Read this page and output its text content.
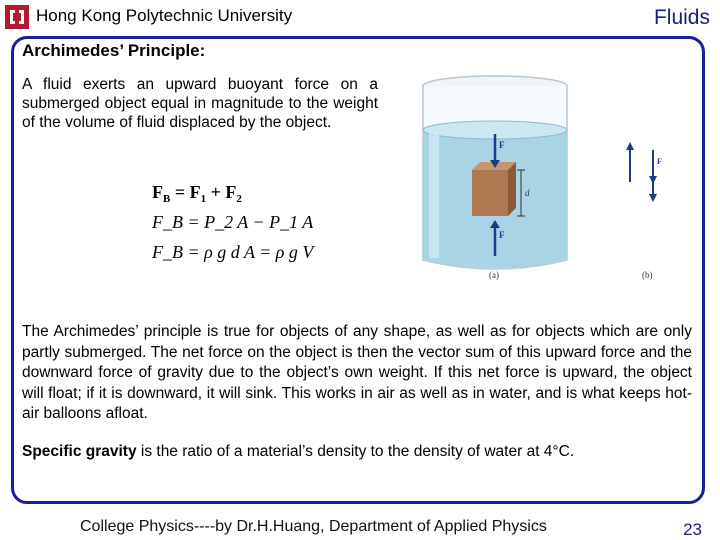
Hong Kong Polytechnic University	Fluids
Archimedes’ Principle:
A fluid exerts an upward buoyant force on a submerged object equal in magnitude to the weight of the volume of fluid displaced by the object.
$F_B = F_1 + F_2$
F_B = P_2 A − P_1 A
F_B = ρ g d A = ρ g V
F
F
d
F
(a)	(b)
The Archimedes’ principle is true for objects of any shape, as well as for objects which are only partly submerged. The net force on the object is then the vector sum of this upward force and the downward force of gravity due to the object’s own weight. If this net force is upward, the object will float; if it is downward, it will sink. This works in air as well as in water, and is what keeps hot-air balloons afloat.
Specific gravity is the ratio of a material’s density to the density of water at 4°C.
College Physics----by Dr.H.Huang, Department of Applied Physics	23
